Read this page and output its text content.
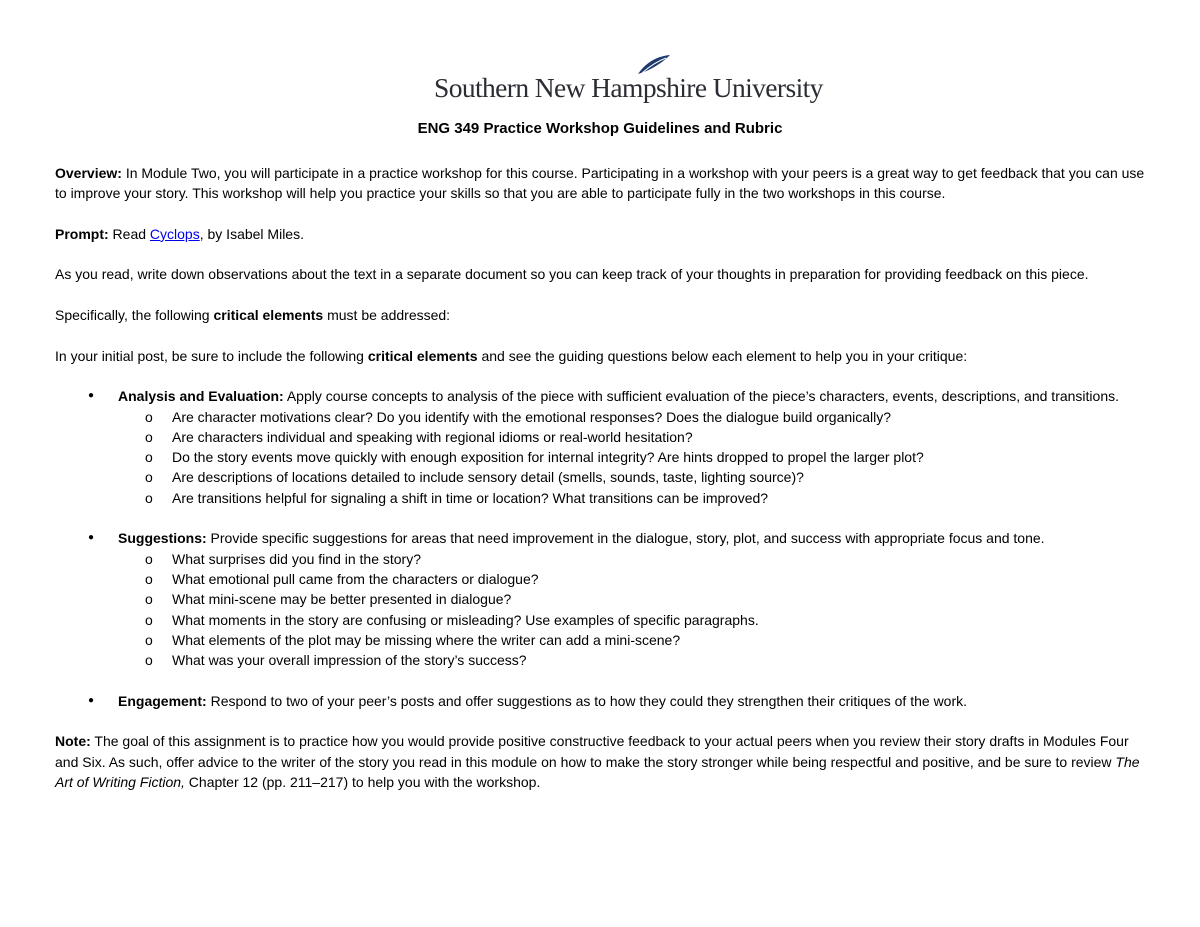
Southern New Hampshire University
ENG 349 Practice Workshop Guidelines and Rubric

Overview: In Module Two, you will participate in a practice workshop for this course. Participating in a workshop with your peers is a great way to get feedback that you can use to improve your story. This workshop will help you practice your skills so that you are able to participate fully in the two workshops in this course.

Prompt: Read Cyclops, by Isabel Miles.

As you read, write down observations about the text in a separate document so you can keep track of your thoughts in preparation for providing feedback on this piece.

Specifically, the following critical elements must be addressed:

In your initial post, be sure to include the following critical elements and see the guiding questions below each element to help you in your critique:

● Analysis and Evaluation: Apply course concepts to analysis of the piece with sufficient evaluation of the piece’s characters, events, descriptions, and transitions.
o Are character motivations clear? Do you identify with the emotional responses? Does the dialogue build organically?
o Are characters individual and speaking with regional idioms or real-world hesitation?
o Do the story events move quickly with enough exposition for internal integrity? Are hints dropped to propel the larger plot?
o Are descriptions of locations detailed to include sensory detail (smells, sounds, taste, lighting source)?
o Are transitions helpful for signaling a shift in time or location? What transitions can be improved?
● Suggestions: Provide specific suggestions for areas that need improvement in the dialogue, story, plot, and success with appropriate focus and tone.
o What surprises did you find in the story?
o What emotional pull came from the characters or dialogue?
o What mini-scene may be better presented in dialogue?
o What moments in the story are confusing or misleading? Use examples of specific paragraphs.
o What elements of the plot may be missing where the writer can add a mini-scene?
o What was your overall impression of the story’s success?
● Engagement: Respond to two of your peer’s posts and offer suggestions as to how they could they strengthen their critiques of the work.

Note: The goal of this assignment is to practice how you would provide positive constructive feedback to your actual peers when you review their story drafts in Modules Four and Six. As such, offer advice to the writer of the story you read in this module on how to make the story stronger while being respectful and positive, and be sure to review The Art of Writing Fiction, Chapter 12 (pp. 211–217) to help you with the workshop.
